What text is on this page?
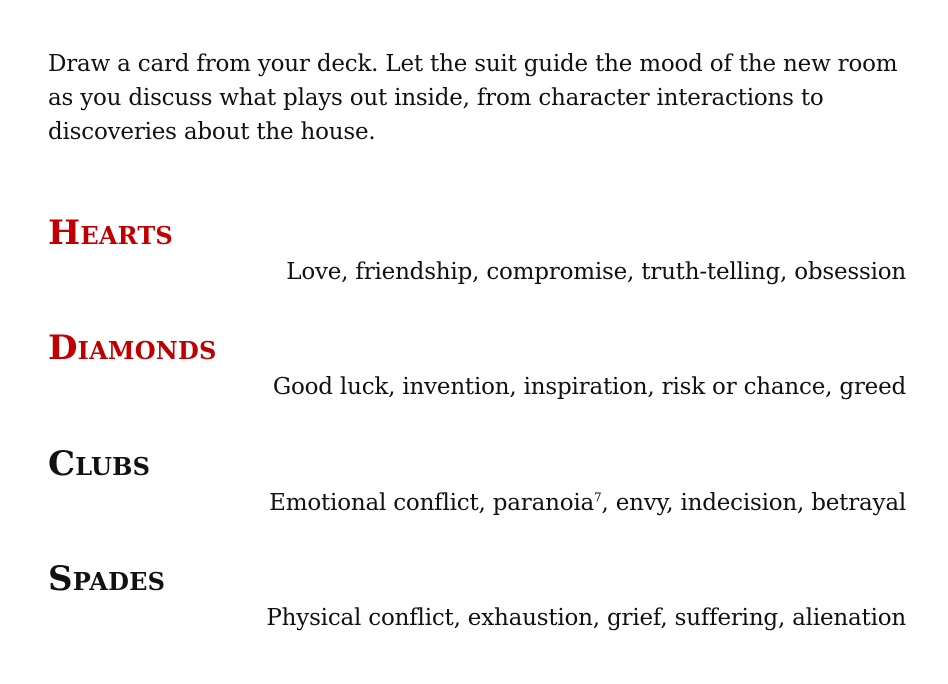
Draw a card from your deck. Let the suit guide the mood of the new room as you discuss what plays out inside, from character interactions to discoveries about the house.

Hearts

Love, friendship, compromise, truth-telling, obsession

Diamonds

Good luck, invention, inspiration, risk or chance, greed

Clubs

Emotional conflict, paranoia$^7$, envy, indecision, betrayal

Spades

Physical conflict, exhaustion, grief, suffering, alienation
